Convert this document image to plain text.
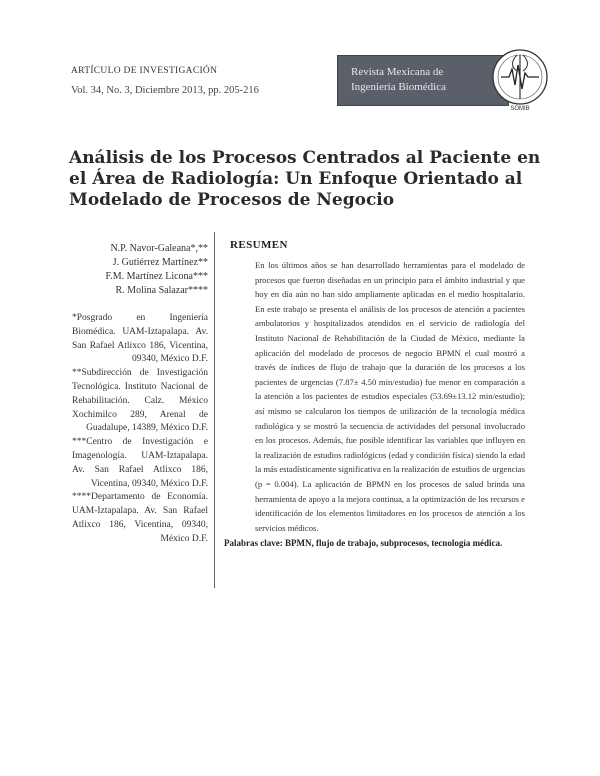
ARTÍCULO DE INVESTIGACIÓN
Vol. 34, No. 3, Diciembre 2013, pp. 205-216
Revista Mexicana de
Ingeniería Biomédica
SOMIB
Análisis de los Procesos Centrados al Paciente en el Área de Radiología: Un Enfoque Orientado al Modelado de Procesos de Negocio
N.P. Navor-Galeana*,**
J. Gutiérrez Martínez**
F.M. Martínez Licona***
R. Molina Salazar****

*Posgrado en Ingeniería Biomédica. UAM-Iztapalapa. Av. San Rafael Atlixco 186, Vicentina, 09340, México D.F.

**Subdirección de Investigación Tecnológica. Instituto Nacional de Rehabilitación. Calz. México Xochimilco 289, Arenal de Guadalupe, 14389, México D.F.

***Centro de Investigación e Imagenología. UAM-Iztapalapa. Av. San Rafael Atlixco 186, Vicentina, 09340, México D.F.

****Departamento de Economía. UAM-Iztapalapa. Av. San Rafael Atlixco 186, Vicentina, 09340, México D.F.

RESUMEN

En los últimos años se han desarrollado herramientas para el modelado de procesos que fueron diseñadas en un principio para el ámbito industrial y que hoy en día aún no han sido ampliamente aplicadas en el medio hospitalario. En este trabajo se presenta el análisis de los procesos de atención a pacientes ambulatorios y hospitalizados atendidos en el servicio de radiología del Instituto Nacional de Rehabilitación de la Ciudad de México, mediante la aplicación del modelado de procesos de negocio BPMN el cual mostró a través de índices de flujo de trabajo que la duración de los procesos a los pacientes de urgencias (7.87± 4.50 min/estudio) fue menor en comparación a la atención a los pacientes de estudios especiales (53.69±13.12 min/estudio); así mismo se calcularon los tiempos de utilización de la tecnología médica radiológica y se mostró la secuencia de actividades del personal involucrado en los procesos. Además, fue posible identificar las variables que influyen en la realización de estudios radiológicos (edad y condición física) siendo la edad la más estadísticamente significativa en la realización de estudios de urgencias (p = 0.004). La aplicación de BPMN en los procesos de salud brinda una herramienta de apoyo a la mejora continua, a la optimización de los recursos e identificación de los elementos limitadores en los procesos de atención a los servicios médicos.

Palabras clave: BPMN, flujo de trabajo, subprocesos, tecnología médica.
